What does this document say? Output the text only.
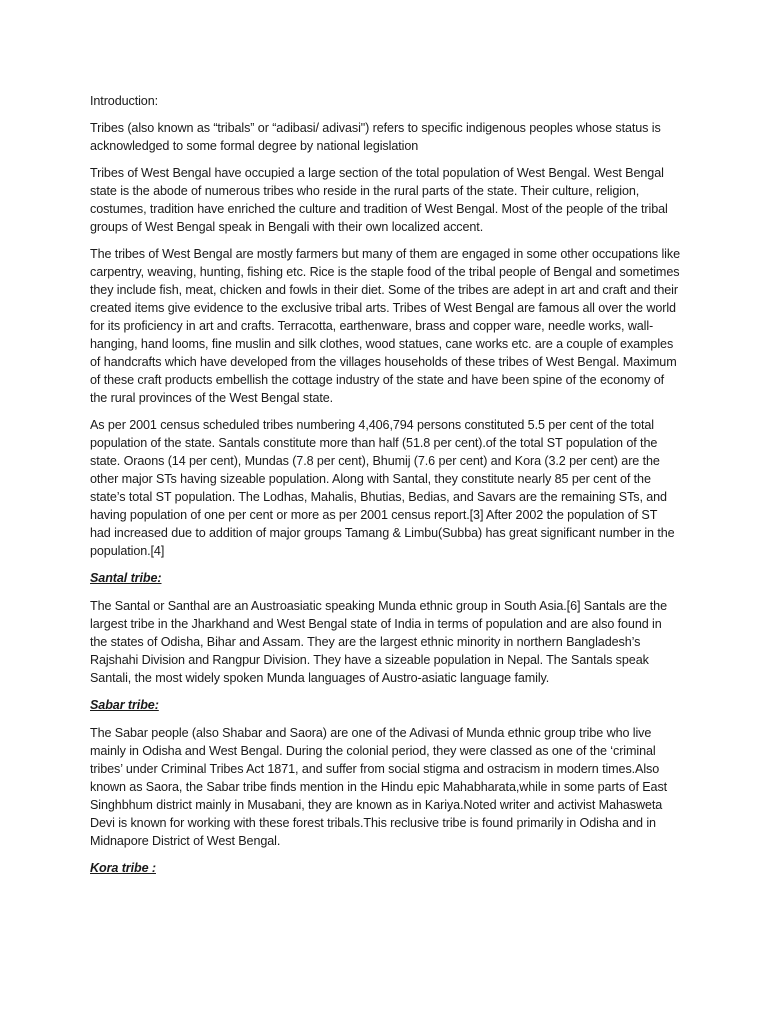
Introduction:

Tribes (also known as “tribals” or “adibasi/ adivasi") refers to specific indigenous peoples whose status is acknowledged to some formal degree by national legislation

Tribes of West Bengal have occupied a large section of the total population of West Bengal. West Bengal state is the abode of numerous tribes who reside in the rural parts of the state. Their culture, religion, costumes, tradition have enriched the culture and tradition of West Bengal. Most of the people of the tribal groups of West Bengal speak in Bengali with their own localized accent.

The tribes of West Bengal are mostly farmers but many of them are engaged in some other occupations like carpentry, weaving, hunting, fishing etc. Rice is the staple food of the tribal people of Bengal and sometimes they include fish, meat, chicken and fowls in their diet. Some of the tribes are adept in art and craft and their created items give evidence to the exclusive tribal arts. Tribes of West Bengal are famous all over the world for its proficiency in art and crafts. Terracotta, earthenware, brass and copper ware, needle works, wall-hanging, hand looms, fine muslin and silk clothes, wood statues, cane works etc. are a couple of examples of handcrafts which have developed from the villages households of these tribes of West Bengal. Maximum of these craft products embellish the cottage industry of the state and have been spine of the economy of the rural provinces of the West Bengal state.

As per 2001 census scheduled tribes numbering 4,406,794 persons constituted 5.5 per cent of the total population of the state. Santals constitute more than half (51.8 per cent).of the total ST population of the state. Oraons (14 per cent), Mundas (7.8 per cent), Bhumij (7.6 per cent) and Kora (3.2 per cent) are the other major STs having sizeable population. Along with Santal, they constitute nearly 85 per cent of the state’s total ST population. The Lodhas, Mahalis, Bhutias, Bedias, and Savars are the remaining STs, and having population of one per cent or more as per 2001 census report.[3] After 2002 the population of ST had increased due to addition of major groups Tamang & Limbu(Subba) has great significant number in the population.[4]

Santal tribe:

The Santal or Santhal are an Austroasiatic speaking Munda ethnic group in South Asia.[6] Santals are the largest tribe in the Jharkhand and West Bengal state of India in terms of population and are also found in the states of Odisha, Bihar and Assam. They are the largest ethnic minority in northern Bangladesh’s Rajshahi Division and Rangpur Division. They have a sizeable population in Nepal. The Santals speak Santali, the most widely spoken Munda languages of Austro-asiatic language family.

Sabar tribe:

The Sabar people (also Shabar and Saora) are one of the Adivasi of Munda ethnic group tribe who live mainly in Odisha and West Bengal. During the colonial period, they were classed as one of the ‘criminal tribes’ under Criminal Tribes Act 1871, and suffer from social stigma and ostracism in modern times.Also known as Saora, the Sabar tribe finds mention in the Hindu epic Mahabharata,while in some parts of East Singhbhum district mainly in Musabani, they are known as in Kariya.Noted writer and activist Mahasweta Devi is known for working with these forest tribals.This reclusive tribe is found primarily in Odisha and in Midnapore District of West Bengal.

Kora tribe :
